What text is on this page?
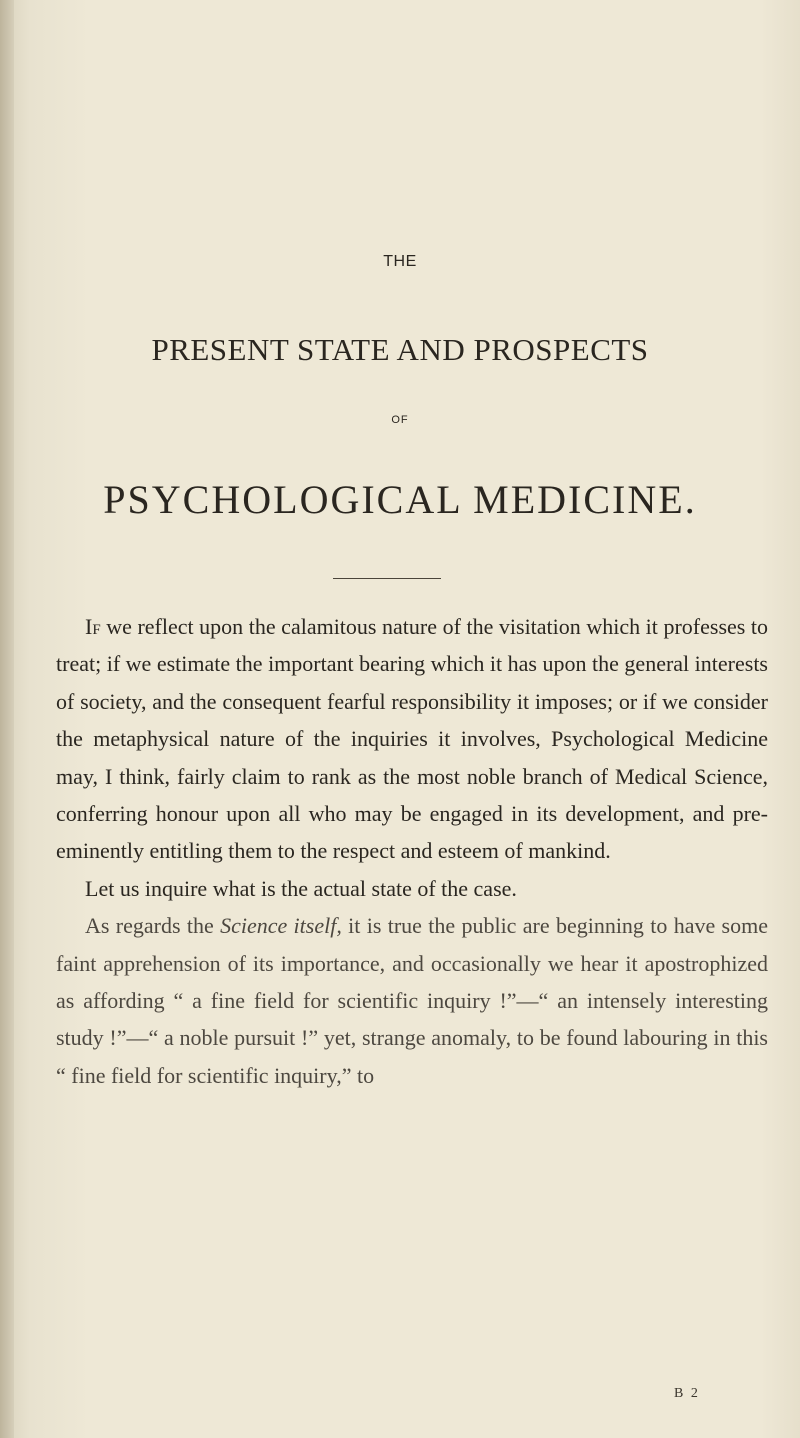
THE
PRESENT STATE AND PROSPECTS
OF
PSYCHOLOGICAL MEDICINE.

If we reflect upon the calamitous nature of the visitation which it professes to treat; if we estimate the important bearing which it has upon the general interests of society, and the consequent fearful responsibility it imposes; or if we consider the metaphysical nature of the inquiries it involves, Psychological Medicine may, I think, fairly claim to rank as the most noble branch of Medical Science, conferring honour upon all who may be engaged in its development, and pre-eminently entitling them to the respect and esteem of mankind.

Let us inquire what is the actual state of the case.

As regards the Science itself, it is true the public are beginning to have some faint apprehension of its importance, and occasionally we hear it apostrophized as affording “ a fine field for scientific inquiry !”—“ an intensely interesting study !”—“ a noble pursuit !” yet, strange anomaly, to be found labouring in this “ fine field for scientific inquiry,” to

B 2
